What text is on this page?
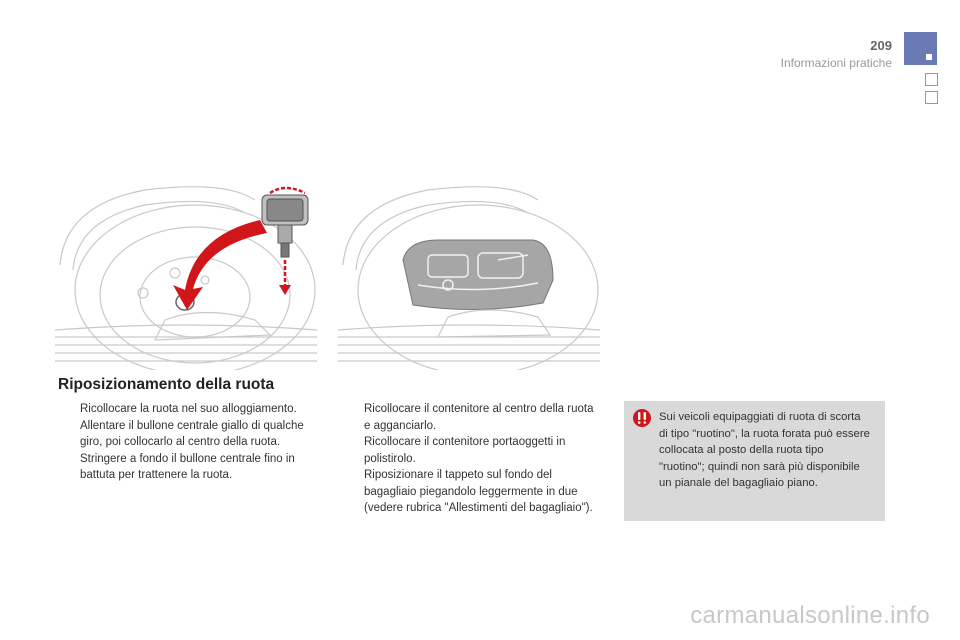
209
Informazioni pratiche
Riposizionamento della ruota
Ricollocare la ruota nel suo alloggiamento.
Allentare il bullone centrale giallo di qualche giro, poi collocarlo al centro della ruota.
Stringere a fondo il bullone centrale fino in battuta per trattenere la ruota.
Ricollocare il contenitore al centro della ruota e agganciarlo.
Ricollocare il contenitore portaoggetti in polistirolo.
Riposizionare il tappeto sul fondo del bagagliaio piegandolo leggermente in due (vedere rubrica "Allestimenti del bagagliaio").
Sui veicoli equipaggiati di ruota di scorta di tipo "ruotino", la ruota forata può essere collocata al posto della ruota tipo "ruotino"; quindi non sarà più disponibile un pianale del bagagliaio piano.
carmanualsonline.info
